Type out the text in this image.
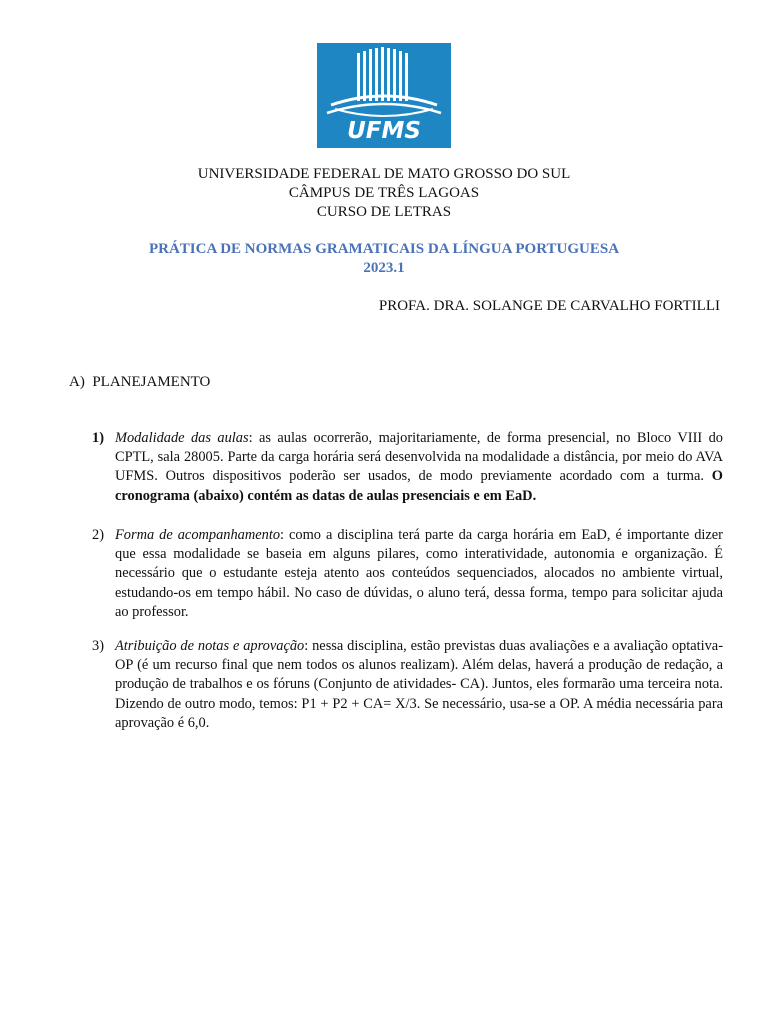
UFMS
UNIVERSIDADE FEDERAL DE MATO GROSSO DO SUL
CÂMPUS DE TRÊS LAGOAS
CURSO DE LETRAS
PRÁTICA DE NORMAS GRAMATICAIS DA LÍNGUA PORTUGUESA
2023.1
PROFA. DRA. SOLANGE DE CARVALHO FORTILLI
A) PLANEJAMENTO
1) Modalidade das aulas: as aulas ocorrerão, majoritariamente, de forma presencial, no Bloco VIII do CPTL, sala 28005. Parte da carga horária será desenvolvida na modalidade a distância, por meio do AVA UFMS. Outros dispositivos poderão ser usados, de modo previamente acordado com a turma. O cronograma (abaixo) contém as datas de aulas presenciais e em EaD.
2) Forma de acompanhamento: como a disciplina terá parte da carga horária em EaD, é importante dizer que essa modalidade se baseia em alguns pilares, como interatividade, autonomia e organização. É necessário que o estudante esteja atento aos conteúdos sequenciados, alocados no ambiente virtual, estudando-os em tempo hábil. No caso de dúvidas, o aluno terá, dessa forma, tempo para solicitar ajuda ao professor.
3) Atribuição de notas e aprovação: nessa disciplina, estão previstas duas avaliações e a avaliação optativa- OP (é um recurso final que nem todos os alunos realizam). Além delas, haverá a produção de redação, a produção de trabalhos e os fóruns (Conjunto de atividades- CA). Juntos, eles formarão uma terceira nota. Dizendo de outro modo, temos: P1 + P2 + CA= X/3. Se necessário, usa-se a OP. A média necessária para aprovação é 6,0.
